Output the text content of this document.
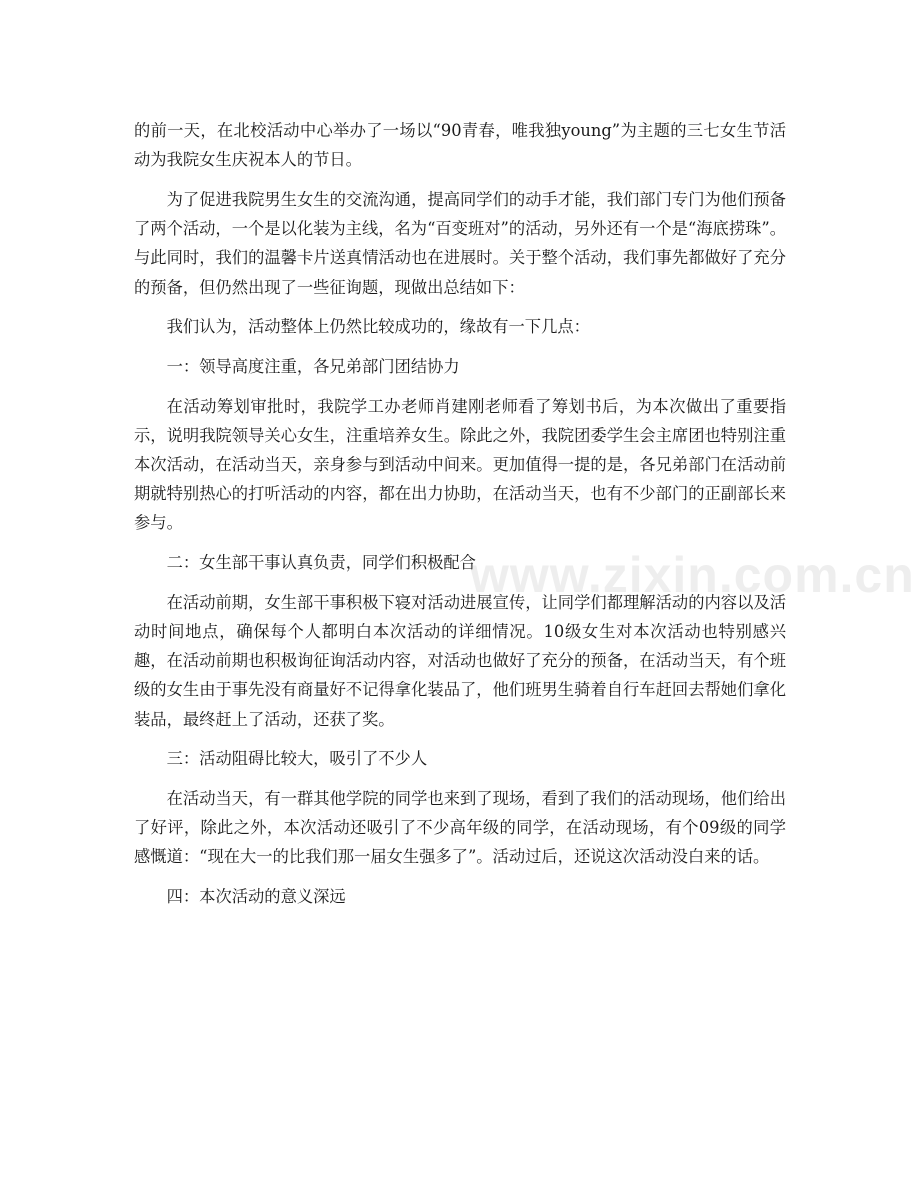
的前一天，在北校活动中心举办了一场以“90青春，唯我独young”为主题的三七女生节活动为我院女生庆祝本人的节日。

为了促进我院男生女生的交流沟通，提高同学们的动手才能，我们部门专门为他们预备了两个活动，一个是以化装为主线，名为“百变班对”的活动，另外还有一个是“海底捞珠”。与此同时，我们的温馨卡片送真情活动也在进展时。关于整个活动，我们事先都做好了充分的预备，但仍然出现了一些征询题，现做出总结如下：

我们认为，活动整体上仍然比较成功的，缘故有一下几点：

一：领导高度注重，各兄弟部门团结协力

在活动筹划审批时，我院学工办老师肖建刚老师看了筹划书后，为本次做出了重要指示，说明我院领导关心女生，注重培养女生。除此之外，我院团委学生会主席团也特别注重本次活动，在活动当天，亲身参与到活动中间来。更加值得一提的是，各兄弟部门在活动前期就特别热心的打听活动的内容，都在出力协助，在活动当天，也有不少部门的正副部长来参与。

二：女生部干事认真负责，同学们积极配合

在活动前期，女生部干事积极下寝对活动进展宣传，让同学们都理解活动的内容以及活动时间地点，确保每个人都明白本次活动的详细情况。10级女生对本次活动也特别感兴趣，在活动前期也积极询征询活动内容，对活动也做好了充分的预备，在活动当天，有个班级的女生由于事先没有商量好不记得拿化装品了，他们班男生骑着自行车赶回去帮她们拿化装品，最终赶上了活动，还获了奖。

三：活动阻碍比较大，吸引了不少人

在活动当天，有一群其他学院的同学也来到了现场，看到了我们的活动现场，他们给出了好评，除此之外，本次活动还吸引了不少高年级的同学，在活动现场，有个09级的同学感慨道：“现在大一的比我们那一届女生强多了”。活动过后，还说这次活动没白来的话。

四：本次活动的意义深远

www.zixin.com.cn
